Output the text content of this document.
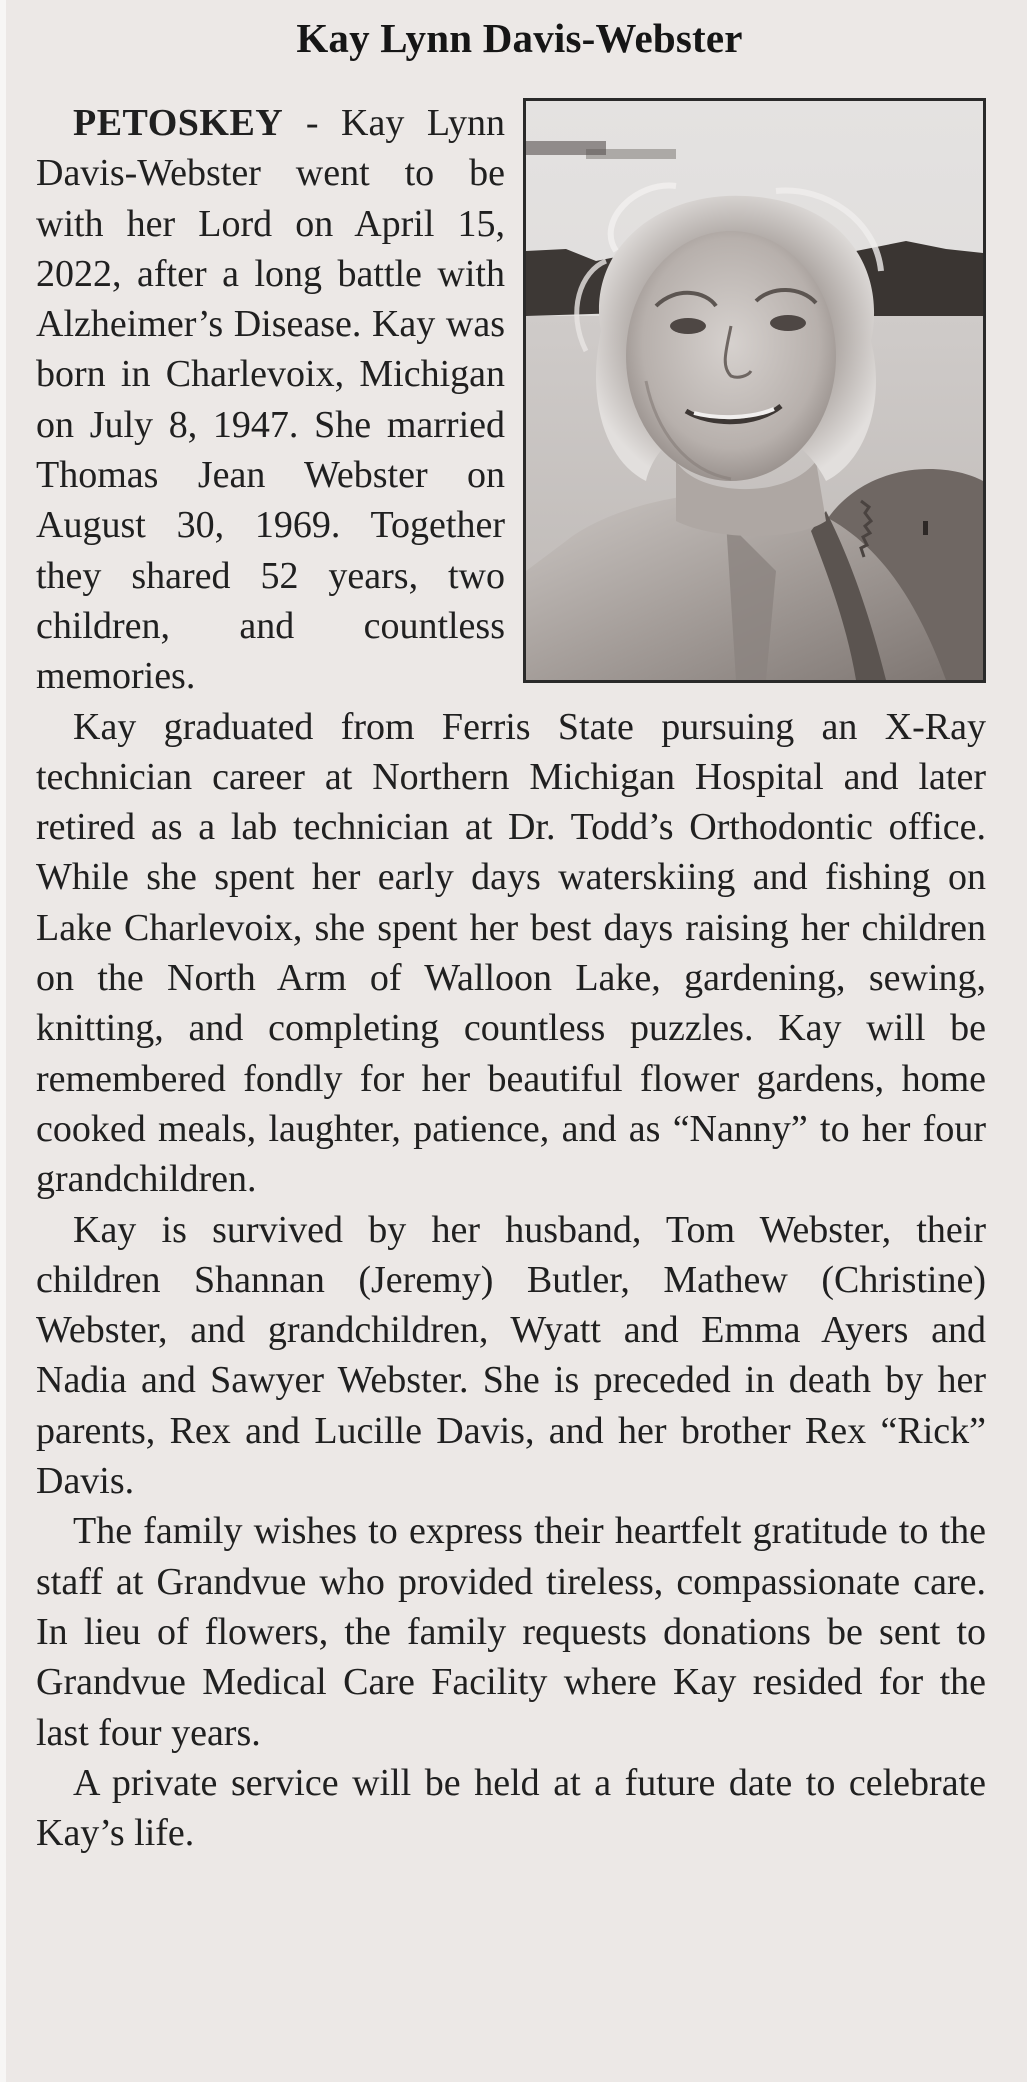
Kay Lynn Davis-Webster

PETOSKEY - Kay Lynn Davis-Webster went to be with her Lord on April 15, 2022, after a long battle with Alzheimer’s Disease. Kay was born in Charlevoix, Michigan on July 8, 1947. She married Thomas Jean Webster on August 30, 1969. Together they shared 52 years, two children, and countless memories.

Kay graduated from Ferris State pursuing an X-Ray technician career at Northern Michigan Hospital and later retired as a lab technician at Dr. Todd’s Orthodontic office. While she spent her early days waterskiing and fishing on Lake Charlevoix, she spent her best days raising her children on the North Arm of Walloon Lake, gardening, sewing, knitting, and completing countless puzzles. Kay will be remembered fondly for her beautiful flower gardens, home cooked meals, laughter, patience, and as “Nanny” to her four grandchildren.

Kay is survived by her husband, Tom Webster, their children Shannan (Jeremy) Butler, Mathew (Christine) Webster, and grandchildren, Wyatt and Emma Ayers and Nadia and Sawyer Webster. She is preceded in death by her parents, Rex and Lucille Davis, and her brother Rex “Rick” Davis.

The family wishes to express their heartfelt gratitude to the staff at Grandvue who provided tireless, compassionate care. In lieu of flowers, the family requests donations be sent to Grandvue Medical Care Facility where Kay resided for the last four years.

A private service will be held at a future date to celebrate Kay’s life.
